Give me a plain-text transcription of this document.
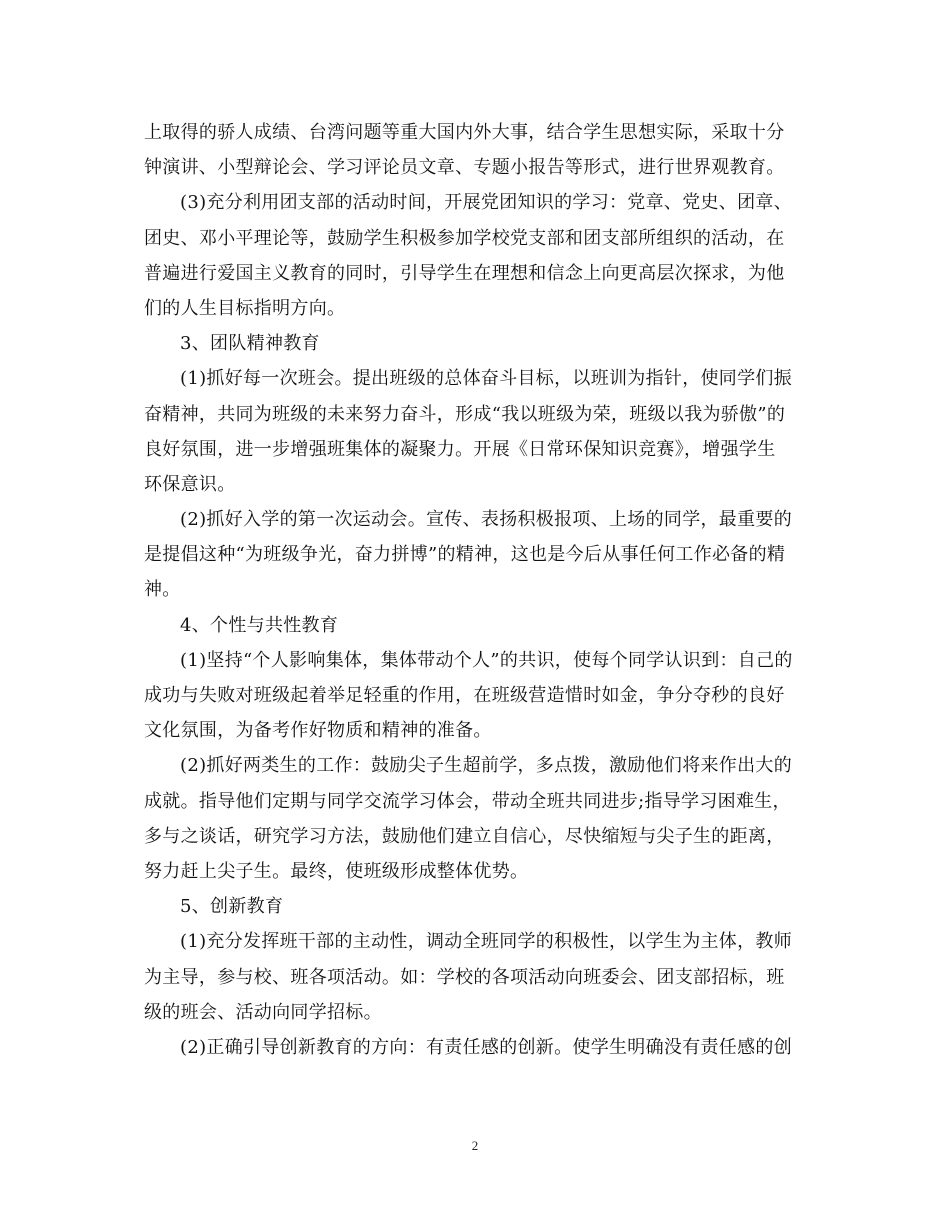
上取得的骄人成绩、台湾问题等重大国内外大事，结合学生思想实际，采取十分
钟演讲、小型辩论会、学习评论员文章、专题小报告等形式，进行世界观教育。
(3)充分利用团支部的活动时间，开展党团知识的学习：党章、党史、团章、
团史、邓小平理论等，鼓励学生积极参加学校党支部和团支部所组织的活动，在
普遍进行爱国主义教育的同时，引导学生在理想和信念上向更高层次探求，为他
们的人生目标指明方向。
3、团队精神教育
(1)抓好每一次班会。提出班级的总体奋斗目标，以班训为指针，使同学们振
奋精神，共同为班级的未来努力奋斗，形成“我以班级为荣，班级以我为骄傲”的
良好氛围，进一步增强班集体的凝聚力。开展《日常环保知识竞赛》，增强学生
环保意识。
(2)抓好入学的第一次运动会。宣传、表扬积极报项、上场的同学，最重要的
是提倡这种“为班级争光，奋力拼博”的精神，这也是今后从事任何工作必备的精
神。
4、个性与共性教育
(1)坚持“个人影响集体，集体带动个人”的共识，使每个同学认识到：自己的
成功与失败对班级起着举足轻重的作用，在班级营造惜时如金，争分夺秒的良好
文化氛围，为备考作好物质和精神的准备。
(2)抓好两类生的工作：鼓励尖子生超前学，多点拨，激励他们将来作出大的
成就。指导他们定期与同学交流学习体会，带动全班共同进步;指导学习困难生，
多与之谈话，研究学习方法，鼓励他们建立自信心，尽快缩短与尖子生的距离，
努力赶上尖子生。最终，使班级形成整体优势。
5、创新教育
(1)充分发挥班干部的主动性，调动全班同学的积极性，以学生为主体，教师
为主导，参与校、班各项活动。如：学校的各项活动向班委会、团支部招标，班
级的班会、活动向同学招标。
(2)正确引导创新教育的方向：有责任感的创新。使学生明确没有责任感的创
2
